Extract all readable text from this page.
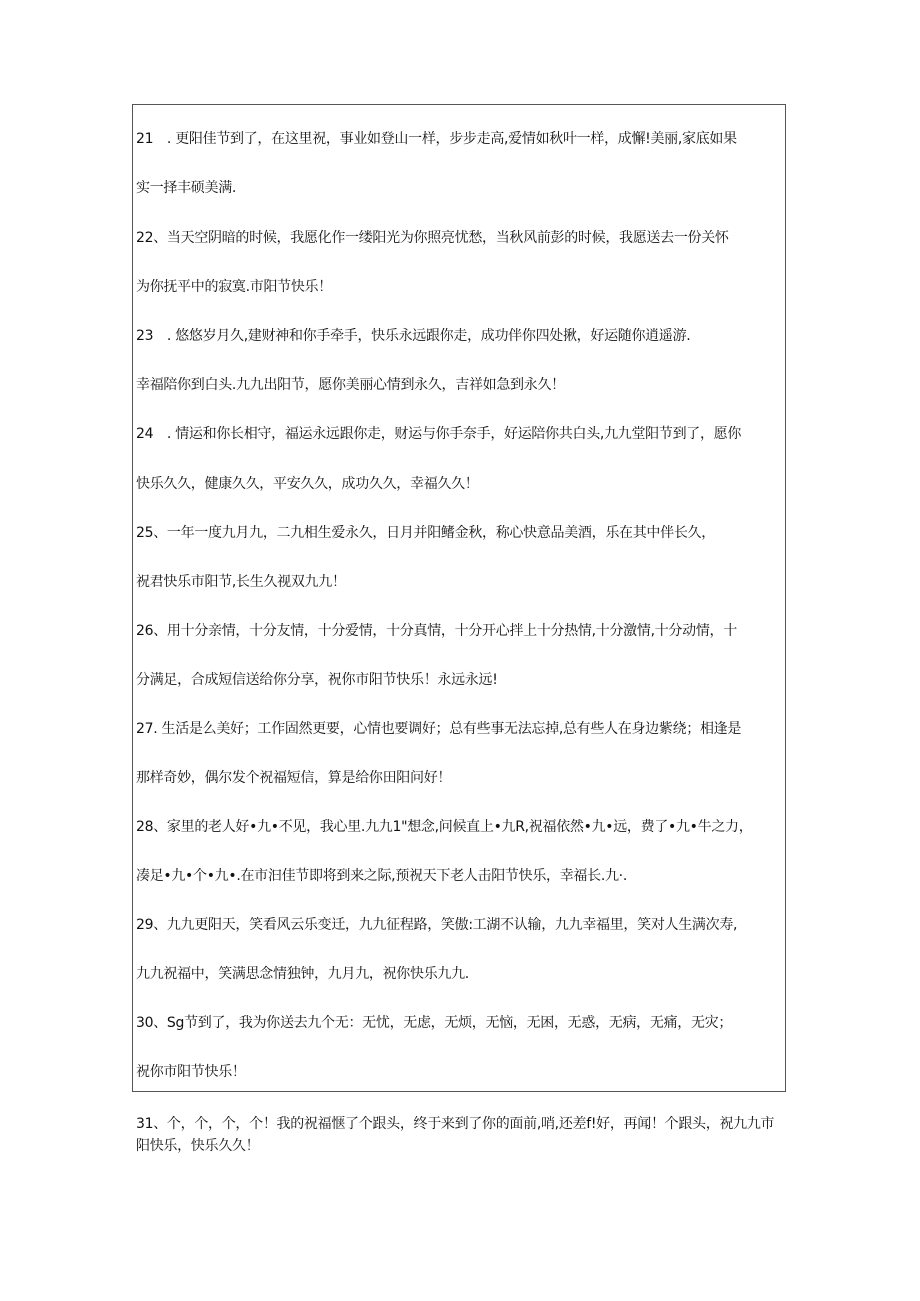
21　. 更阳佳节到了，在这里祝，事业如登山一样，步步走高,爱情如秋叶一样，成懈!美丽,家底如果
实一择丰硕美满.
22、当天空阴暗的时候，我愿化作一缕阳光为你照亮忧愁，当秋风前彭的时候，我愿送去一份关怀
为你抚平中的寂寞.市阳节快乐！
23　. 悠悠岁月久,建财神和你手牵手，快乐永远跟你走，成功伴你四处揪，好运随你逍遥游.
幸福陪你到白头.九九出阳节，愿你美丽心情到永久，吉祥如急到永久！
24　. 情运和你长相守，福运永远跟你走，财运与你手奈手，好运陪你共白头,九九堂阳节到了，愿你
快乐久久，健康久久，平安久久，成功久久，幸福久久！
25、一年一度九月九，二九相生爱永久，日月并阳鳍金秋，称心快意品美酒，乐在其中伴长久，
祝君快乐市阳节,长生久视双九九！
26、用十分亲情，十分友情，十分爱情，十分真情，十分开心拌上十分热情,十分激情,十分动情，十
分满足，合成短信送给你分享，祝你市阳节快乐！永远永远!
27. 生活是么美好；工作固然更要，心情也要调好；总有些事无法忘掉,总有些人在身边紫绕；相逢是
那样奇妙，偶尔发个祝福短信，算是给你田阳问好！
28、家里的老人好•九•不见，我心里.九九1"想念,问候直上•九R,祝福依然•九•远，费了•九•牛之力，
凑足•九•个•九•.在市汩佳节即将到来之际,预祝天下老人击阳节快乐，幸福长.九·.
29、九九更阳天，笑看风云乐变迁，九九征程路，笑傲:工湖不认输，九九幸福里，笑对人生满次寿,
九九祝福中，笑满思念情独钟，九月九，祝你快乐九九.
30、Sg节到了，我为你送去九个无：无忧，无虑，无烦，无恼，无困，无惑，无病，无痛，无灾；
祝你市阳节快乐！
31、个，个，个，个！我的祝福惬了个跟头，终于来到了你的面前,哨,还差f!好，再闻！个跟头，祝九九市阳快乐，快乐久久！
